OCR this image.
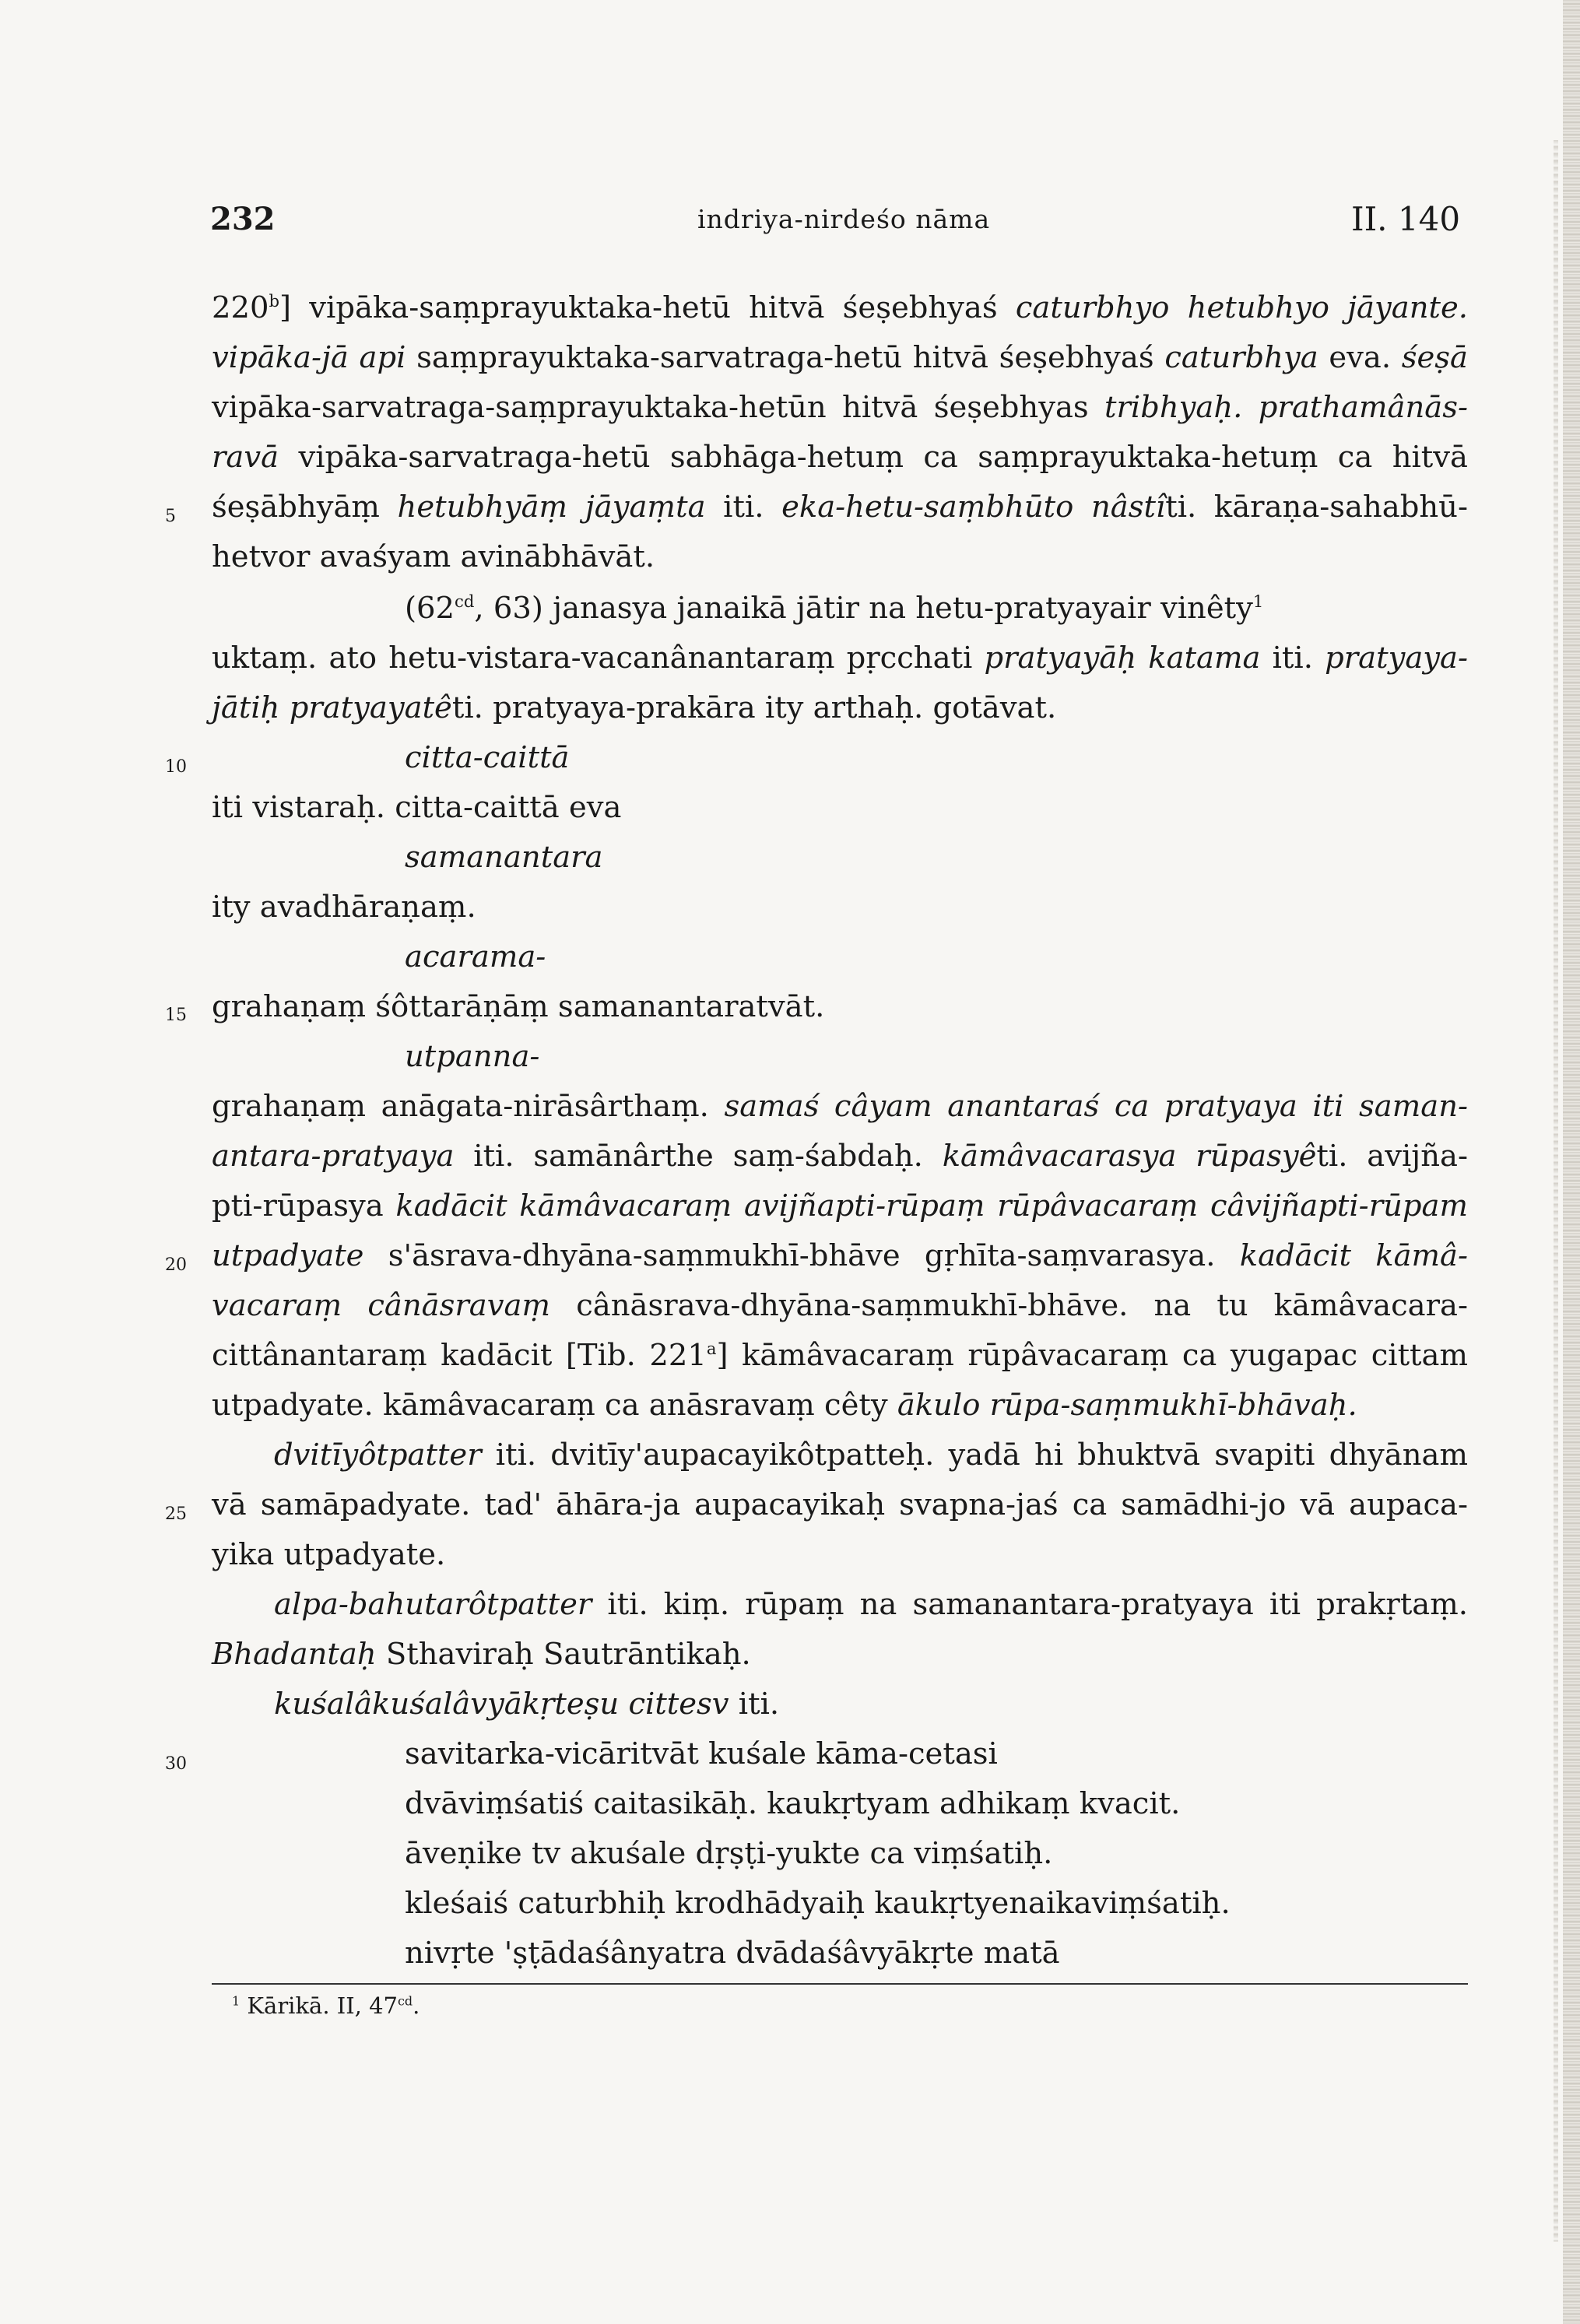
232	indriya-nirdeśo nāma	II. 140
5
10
15
20
25
30
220$^b$] vipāka-saṃprayuktaka-hetū hitvā śeṣebhyaś caturbhyo hetubhyo jāyante.
vipāka-jā api saṃprayuktaka-sarvatraga-hetū hitvā śeṣebhyaś caturbhya eva. śeṣā
vipāka-sarvatraga-saṃprayuktaka-hetūn hitvā śeṣebhyas tribhyaḥ. prathamânās-
ravā vipāka-sarvatraga-hetū sabhāga-hetuṃ ca saṃprayuktaka-hetuṃ ca hitvā
śeṣābhyāṃ hetubhyāṃ jāyaṃta iti. eka-hetu-saṃbhūto nâstîti. kāraṇa-sahabhū-
hetvor avaśyam avinābhāvāt.
($62^{cd}$, 63) janasya janaikā jātir na hetu-pratyayair vinêty$^1$
uktaṃ. ato hetu-vistara-vacanânantaraṃ pṛcchati pratyayāḥ katama iti. pratyaya-
jātiḥ pratyayatêti. pratyaya-prakāra ity arthaḥ. gotāvat.
citta-caittā
iti vistaraḥ. citta-caittā eva
samanantara
ity avadhāraṇaṃ.
acarama-
grahaṇaṃ śôttarāṇāṃ samanantaratvāt.
utpanna-
grahaṇaṃ anāgata-nirāsârthaṃ. samaś câyam anantaraś ca pratyaya iti saman-
antara-pratyaya iti. samānârthe saṃ-śabdaḥ. kāmâvacarasya rūpasyêti. avijña-
pti-rūpasya kadācit kāmâvacaraṃ avijñapti-rūpaṃ rūpâvacaraṃ câvijñapti-rūpam
utpadyate s'āsrava-dhyāna-saṃmukhī-bhāve gṛhīta-saṃvarasya. kadācit kāmâ-
vacaraṃ cânāsravaṃ cânāsrava-dhyāna-saṃmukhī-bhāve. na tu kāmâvacara-
cittânantaraṃ kadācit [Tib. 221$^a$] kāmâvacaraṃ rūpâvacaraṃ ca yugapac cittam
utpadyate. kāmâvacaraṃ ca anāsravaṃ cêty ākulo rūpa-saṃmukhī-bhāvaḥ.
dvitīyôtpatter iti. dvitīy'aupacayikôtpatteḥ. yadā hi bhuktvā svapiti dhyānam
vā samāpadyate. tad' āhāra-ja aupacayikaḥ svapna-jaś ca samādhi-jo vā aupaca-
yika utpadyate.
alpa-bahutarôtpatter iti. kiṃ. rūpaṃ na samanantara-pratyaya iti prakṛtaṃ.
Bhadantaḥ Sthaviraḥ Sautrāntikaḥ.
kuśalâkuśalâvyākṛteṣu cittesv iti.
savitarka-vicāritvāt kuśale kāma-cetasi
dvāviṃśatiś caitasikāḥ. kaukṛtyam adhikaṃ kvacit.
āveṇike tv akuśale dṛṣṭi-yukte ca viṃśatiḥ.
kleśaiś caturbhiḥ krodhādyaiḥ kaukṛtyenaikaviṃśatiḥ.
nivṛte 'ṣṭādaśânyatra dvādaśâvyākṛte matā
$^1$ Kārikā. II, $47^{cd}$.
